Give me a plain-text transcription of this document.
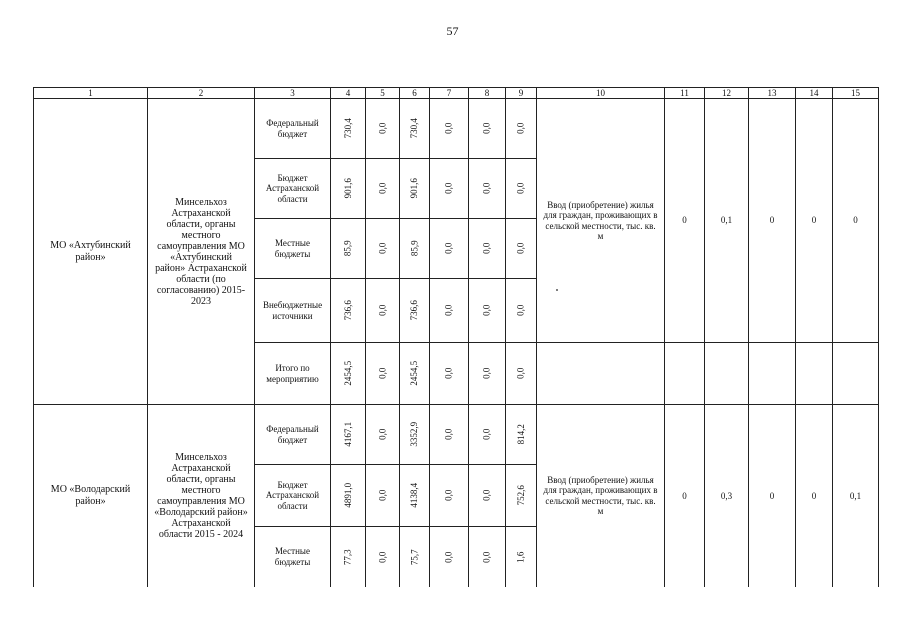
57
1	2	3	4	5	6	7	8	9	10	11	12	13	14	15
МО «Ахтубинский район»	Минсельхоз Астраханской области, органы местного самоуправления МО «Ахтубинский район» Астраханской области (по согласованию) 2015-2023	Федеральный бюджет	730,4	0,0	730,4	0,0	0,0	0,0	Ввод (приобретение) жилья для граждан, проживающих в сельской местности, тыс. кв. м	0	0,1	0	0	0
		Бюджет Астраханской области	901,6	0,0	901,6	0,0	0,0	0,0						
		Местные бюджеты	85,9	0,0	85,9	0,0	0,0	0,0						
		Внебюджетные источники	736,6	0,0	736,6	0,0	0,0	0,0						
		Итого по мероприятию	2454,5	0,0	2454,5	0,0	0,0	0,0						
МО «Володарский район»	Минсельхоз Астраханской области, органы местного самоуправления МО «Володарский район» Астраханской области 2015 - 2024	Федеральный бюджет	4167,1	0,0	3352,9	0,0	0,0	814,2	Ввод (приобретение) жилья для граждан, проживающих в сельской местности, тыс. кв. м	0	0,3	0	0	0,1
		Бюджет Астраханской области	4891,0	0,0	4138,4	0,0	0,0	752,6						
		Местные бюджеты	77,3	0,0	75,7	0,0	0,0	1,6						
